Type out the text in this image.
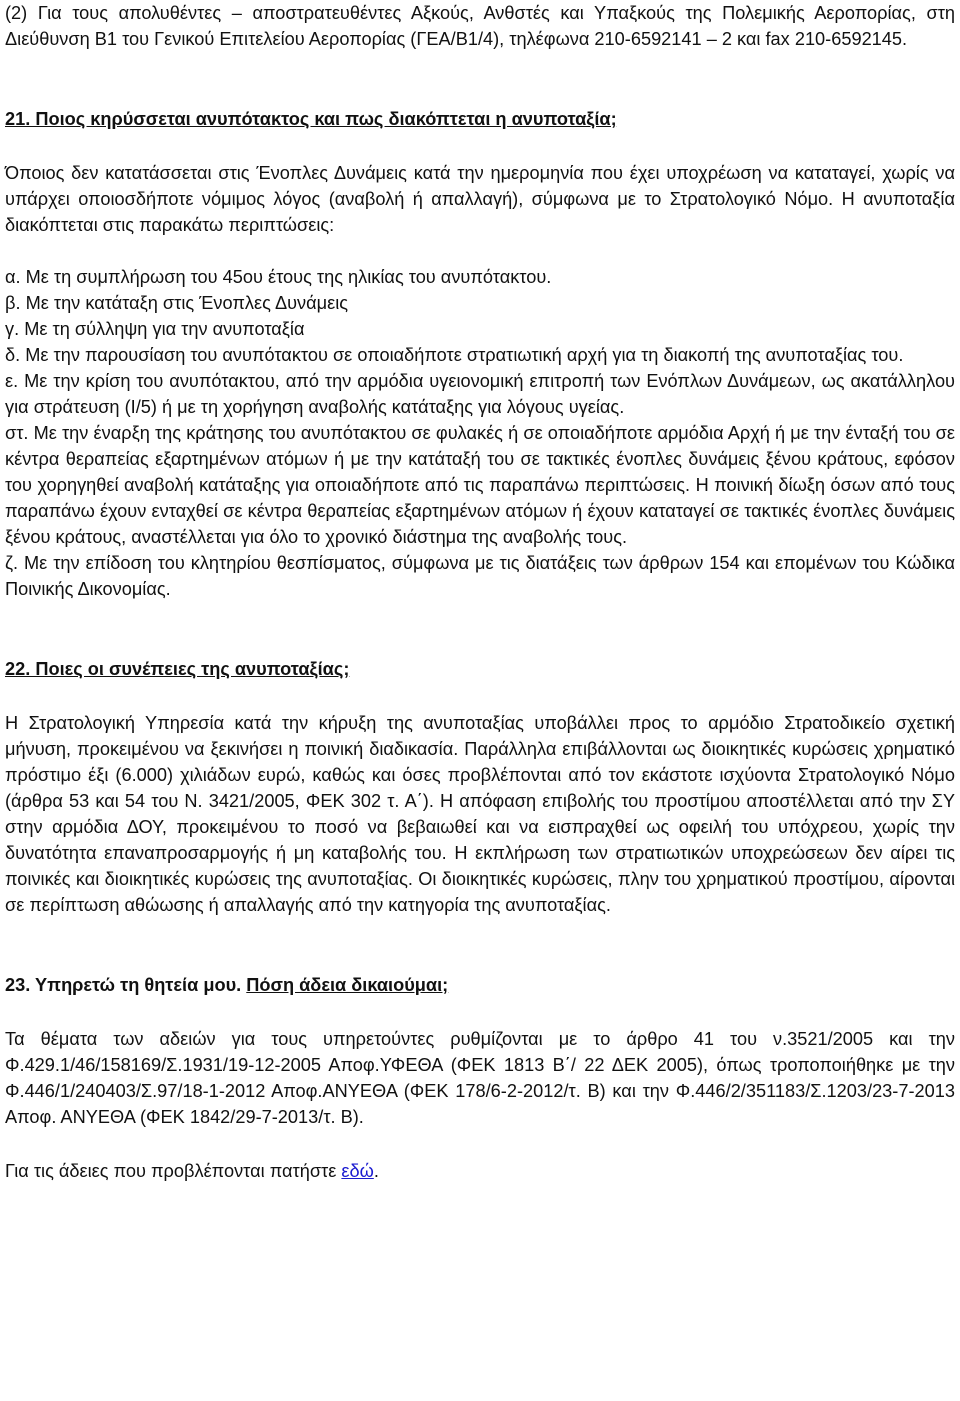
(2) Για τους απολυθέντες – αποστρατευθέντες Αξκούς, Ανθστές και Υπαξκούς της Πολεμικής Αεροπορίας, στη Διεύθυνση Β1 του Γενικού Επιτελείου Αεροπορίας (ΓΕΑ/Β1/4), τηλέφωνα 210-6592141 – 2 και fax 210-6592145.

21. Ποιος κηρύσσεται ανυπότακτος και πως διακόπτεται η ανυποταξία;

Όποιος δεν κατατάσσεται στις Ένοπλες Δυνάμεις κατά την ημερομηνία που έχει υποχρέωση να καταταγεί, χωρίς να υπάρχει οποιοσδήποτε νόμιμος λόγος (αναβολή ή απαλλαγή), σύμφωνα με το Στρατολογικό Νόμο. Η ανυποταξία διακόπτεται στις παρακάτω περιπτώσεις:

α. Με τη συμπλήρωση του 45ου έτους της ηλικίας του ανυπότακτου.

β. Με την κατάταξη στις Ένοπλες Δυνάμεις

γ. Με τη σύλληψη για την ανυποταξία

δ. Με την παρουσίαση του ανυπότακτου σε οποιαδήποτε στρατιωτική αρχή για τη διακοπή της ανυποταξίας του.

ε. Με την κρίση του ανυπότακτου, από την αρμόδια υγειονομική επιτροπή των Ενόπλων Δυνάμεων, ως ακατάλληλου για στράτευση (Ι/5) ή με τη χορήγηση αναβολής κατάταξης για λόγους υγείας.

στ. Με την έναρξη της κράτησης του ανυπότακτου σε φυλακές ή σε οποιαδήποτε αρμόδια Αρχή ή με την ένταξή του σε κέντρα θεραπείας εξαρτημένων ατόμων ή με την κατάταξή του σε τακτικές ένοπλες δυνάμεις ξένου κράτους, εφόσον του χορηγηθεί αναβολή κατάταξης για οποιαδήποτε από τις παραπάνω περιπτώσεις. Η ποινική δίωξη όσων από τους παραπάνω έχουν ενταχθεί σε κέντρα θεραπείας εξαρτημένων ατόμων ή έχουν καταταγεί σε τακτικές ένοπλες δυνάμεις ξένου κράτους, αναστέλλεται για όλο το χρονικό διάστημα της αναβολής τους.

ζ. Με την επίδοση του κλητηρίου θεσπίσματος, σύμφωνα με τις διατάξεις των άρθρων 154 και επομένων του Κώδικα Ποινικής Δικονομίας.

22. Ποιες οι συνέπειες της ανυποταξίας;

Η Στρατολογική Υπηρεσία κατά την κήρυξη της ανυποταξίας υποβάλλει προς το αρμόδιο Στρατοδικείο σχετική μήνυση, προκειμένου να ξεκινήσει η ποινική διαδικασία. Παράλληλα επιβάλλονται ως διοικητικές κυρώσεις χρηματικό πρόστιμο έξι (6.000) χιλιάδων ευρώ, καθώς και όσες προβλέπονται από τον εκάστοτε ισχύοντα Στρατολογικό Νόμο (άρθρα 53 και 54 του Ν. 3421/2005, ΦΕΚ 302 τ. Α΄). Η απόφαση επιβολής του προστίμου αποστέλλεται από την ΣΥ στην αρμόδια ΔΟΥ, προκειμένου το ποσό να βεβαιωθεί και να εισπραχθεί ως οφειλή του υπόχρεου, χωρίς την δυνατότητα επαναπροσαρμογής ή μη καταβολής του. Η εκπλήρωση των στρατιωτικών υποχρεώσεων δεν αίρει τις ποινικές και διοικητικές κυρώσεις της ανυποταξίας. Οι διοικητικές κυρώσεις, πλην του χρηματικού προστίμου, αίρονται σε περίπτωση αθώωσης ή απαλλαγής από την κατηγορία της ανυποταξίας.

23. Υπηρετώ τη θητεία μου. Πόση άδεια δικαιούμαι;

Τα θέματα των αδειών για τους υπηρετούντες ρυθμίζονται με το άρθρο 41 του ν.3521/2005 και την Φ.429.1/46/158169/Σ.1931/19-12-2005 Αποφ.ΥΦΕΘΑ (ΦΕΚ 1813 Β΄/ 22 ΔΕΚ 2005), όπως τροποποιήθηκε με την Φ.446/1/240403/Σ.97/18-1-2012 Αποφ.ΑΝΥΕΘΑ (ΦΕΚ 178/6-2-2012/τ. Β) και την Φ.446/2/351183/Σ.1203/23-7-2013 Αποφ. ΑΝΥΕΘΑ (ΦΕΚ 1842/29-7-2013/τ. Β).

Για τις άδειες που προβλέπονται πατήστε εδώ.
